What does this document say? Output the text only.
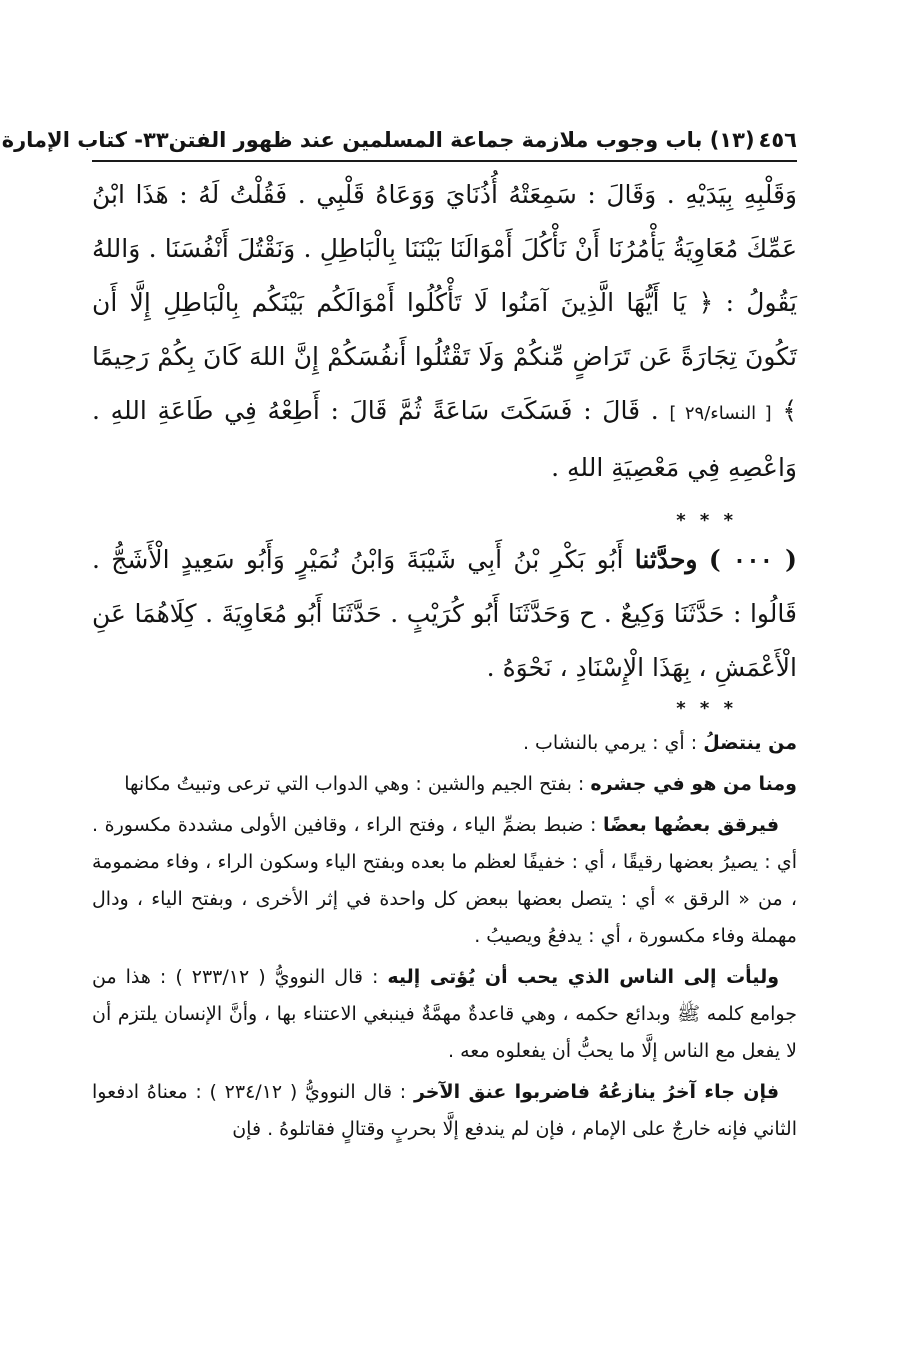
٤٥٦
(١٣) باب وجوب ملازمة جماعة المسلمين عند ظهور الفتن٣٣- كتاب الإمارة

وَقَلْبِهِ بِيَدَيْهِ . وَقَالَ : سَمِعَتْهُ أُذُنَايَ وَوَعَاهُ قَلْبِي . فَقُلْتُ لَهُ : هَذَا ابْنُ عَمِّكَ مُعَاوِيَةُ يَأْمُرُنَا أَنْ نَأْكُلَ أَمْوَالَنَا بَيْنَنَا بِالْبَاطِلِ . وَنَقْتُلَ أَنْفُسَنَا . وَاللهُ يَقُولُ : ﴿ يَا أَيُّهَا الَّذِينَ آمَنُوا لَا تَأْكُلُوا أَمْوَالَكُم بَيْنَكُم بِالْبَاطِلِ إِلَّا أَن تَكُونَ تِجَارَةً عَن تَرَاضٍ مِّنكُمْ وَلَا تَقْتُلُوا أَنفُسَكُمْ إِنَّ اللهَ كَانَ بِكُمْ رَحِيمًا ﴾ [ النساء/٢٩ ] . قَالَ : فَسَكَتَ سَاعَةً ثُمَّ قَالَ : أَطِعْهُ فِي طَاعَةِ اللهِ . وَاعْصِهِ فِي مَعْصِيَةِ اللهِ .

* * *

( ٠٠٠ ) وحدَّثنا أَبُو بَكْرِ بْنُ أَبِي شَيْبَةَ وَابْنُ نُمَيْرٍ وَأَبُو سَعِيدٍ الْأَشَجُّ . قَالُوا : حَدَّثَنَا وَكِيعٌ . ح وَحَدَّثَنَا أَبُو كُرَيْبٍ . حَدَّثَنَا أَبُو مُعَاوِيَةَ . كِلَاهُمَا عَنِ الْأَعْمَشِ ، بِهَذَا الْإِسْنَادِ ، نَحْوَهُ .

* * *

من ينتضلُ : أي : يرمي بالنشاب .

ومنا من هو في جشره : بفتح الجيم والشين : وهي الدواب التي ترعى وتبيتُ مكانها

فيرقق بعضُها بعضًا : ضبط بضمِّ الياء ، وفتح الراء ، وقافين الأولى مشددة مكسورة . أي : يصيرُ بعضها رقيقًا ، أي : خفيفًا لعظم ما بعده وبفتح الياء وسكون الراء ، وفاء مضمومة ، من « الرقق » أي : يتصل بعضها ببعض كل واحدة في إثر الأخرى ، وبفتح الياء ، ودال مهملة وفاء مكسورة ، أي : يدفعُ ويصيبُ .

وليأت إلى الناس الذي يحب أن يُؤتى إليه : قال النوويُّ ( ٢٣٣/١٢ ) : هذا من جوامع كلمه ﷺ وبدائع حكمه ، وهي قاعدةٌ مهمَّةٌ فينبغي الاعتناء بها ، وأنَّ الإنسان يلتزم أن لا يفعل مع الناس إلَّا ما يحبُّ أن يفعلوه معه .

فإن جاء آخرُ ينازعُهُ فاضربوا عنق الآخر : قال النوويُّ ( ٢٣٤/١٢ ) : معناهُ ادفعوا الثاني فإنه خارجٌ على الإمام ، فإن لم يندفع إلَّا بحربٍ وقتالٍ فقاتلوهُ . فإن
